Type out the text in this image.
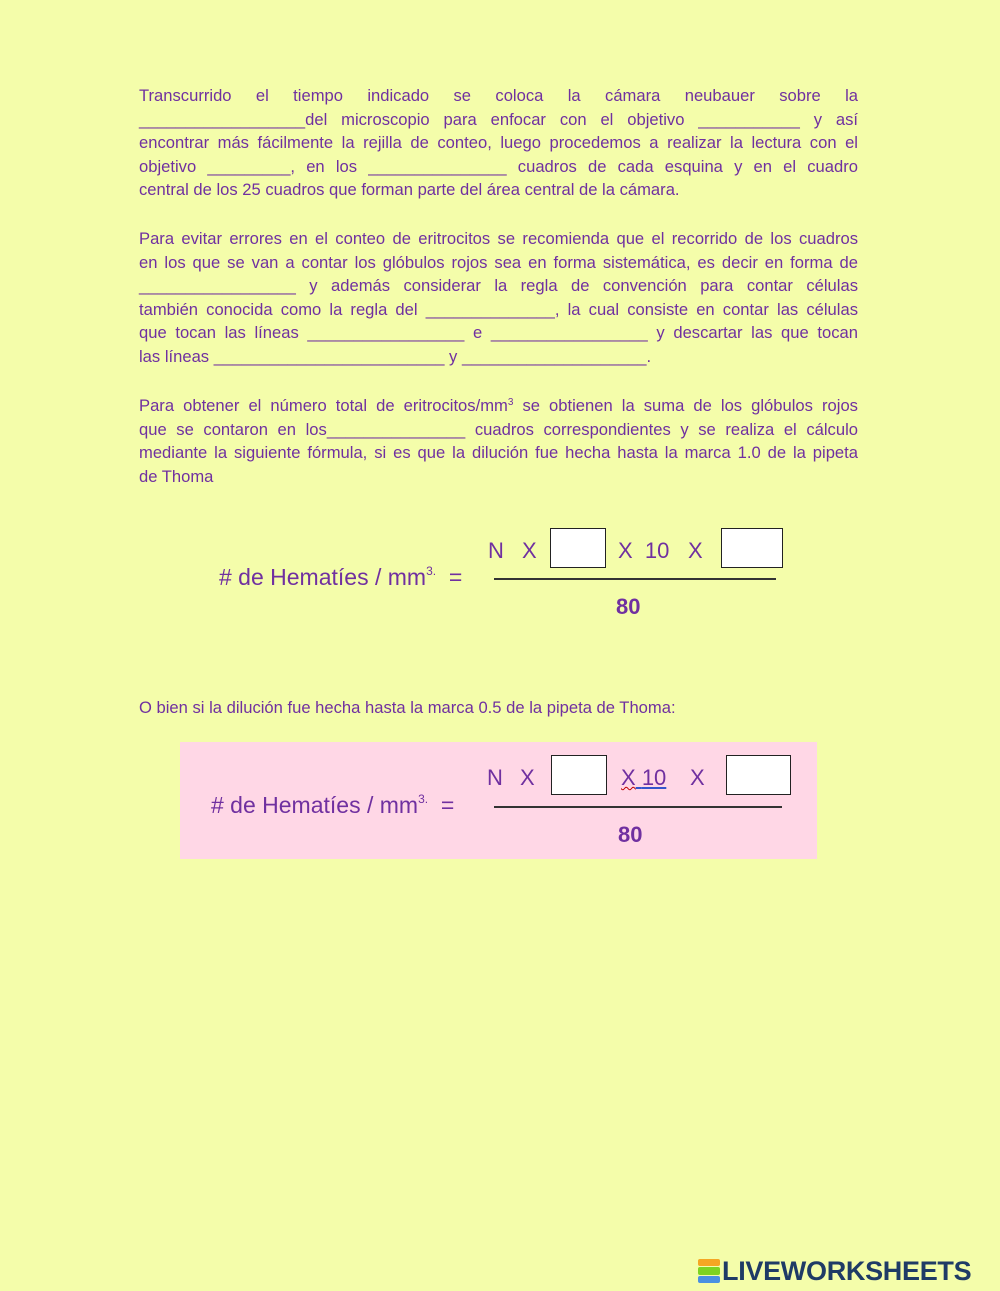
Transcurrido el tiempo indicado se coloca la cámara neubauer sobre la
__________________del microscopio para enfocar con el objetivo ___________ y así
encontrar más fácilmente la rejilla de conteo, luego procedemos a realizar la lectura con el
objetivo _________, en los _______________ cuadros de cada esquina y en el cuadro
central de los 25 cuadros que forman parte del área central de la cámara.
Para evitar errores en el conteo de eritrocitos se recomienda que el recorrido de los cuadros
en los que se van a contar los glóbulos rojos sea en forma sistemática, es decir en forma de
_________________ y además considerar la regla de convención para contar células
también conocida como la regla del ______________, la cual consiste en contar las células
que tocan las líneas _________________ e _________________ y descartar las que tocan
las líneas _________________________ y ____________________.
Para obtener el número total de eritrocitos/$mm^3$ se obtienen la suma de los glóbulos rojos
que se contaron en los_______________ cuadros correspondientes y se realiza el cálculo
mediante la siguiente fórmula, si es que la dilución fue hecha hasta la marca 1.0 de la pipeta
de Thoma
# de Hematíes / $mm^{3.}$ =
N X	X  10 X
80
O bien si la dilución fue hecha hasta la marca 0.5 de la pipeta de Thoma:
# de Hematíes / $mm^{3.}$ =
N X	X 10 X
80
LIVEWORKSHEETS
